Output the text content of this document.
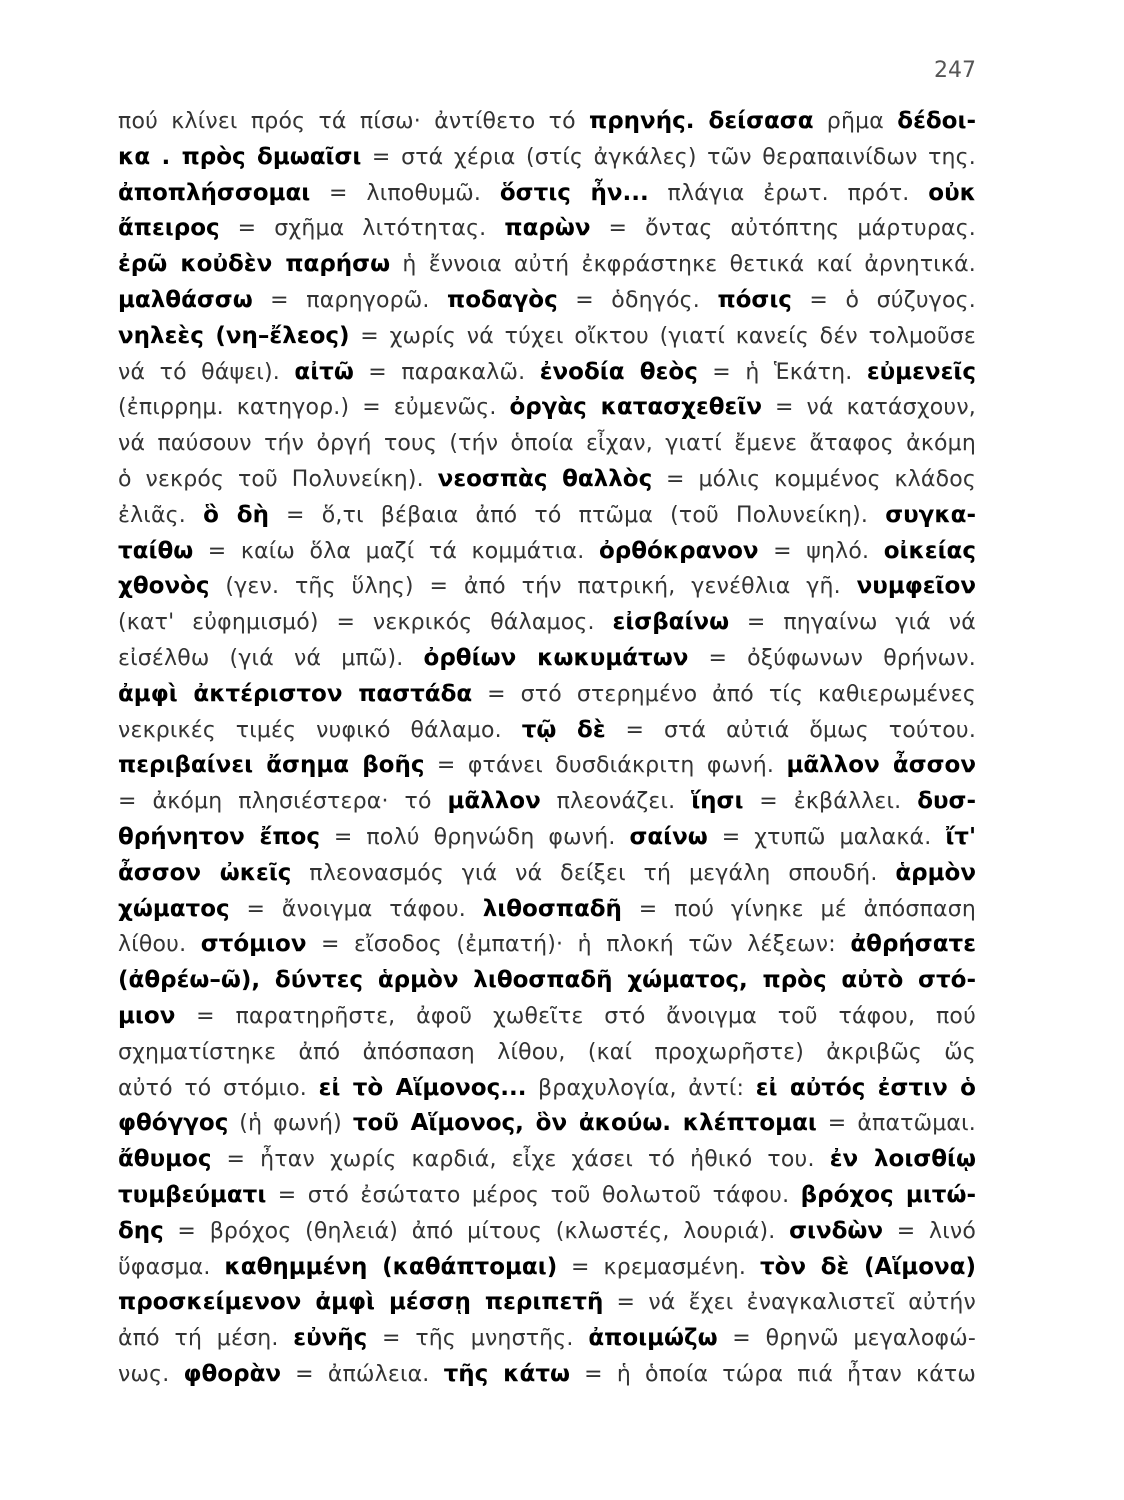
247
πού κλίνει πρός τά πίσω· ἀντίθετο τό πρηνής. δείσασα ρῆμα δέδοι-
κα . πρὸς δμωαῖσι = στά χέρια (στίς ἀγκάλες) τῶν θεραπαινίδων της.
ἀποπλήσσομαι = λιποθυμῶ. ὅστις ἦν... πλάγια ἐρωτ. πρότ. οὐκ
ἄπειρος = σχῆμα λιτότητας. παρὼν = ὄντας αὐτόπτης μάρτυρας.
ἐρῶ κοὐδὲν παρήσω ἡ ἔννοια αὐτή ἐκφράστηκε θετικά καί ἀρνητικά.
μαλθάσσω = παρηγορῶ. ποδαγὸς = ὁδηγός. πόσις = ὁ σύζυγος.
νηλεὲς (νη–ἔλεος) = χωρίς νά τύχει οἴκτου (γιατί κανείς δέν τολμοῦσε
νά τό θάψει). αἰτῶ = παρακαλῶ. ἐνοδία θεὸς = ἡ Ἑκάτη. εὐμενεῖς
(ἐπιρρημ. κατηγορ.) = εὐμενῶς. ὀργὰς κατασχεθεῖν = νά κατάσχουν,
νά παύσουν τήν ὀργή τους (τήν ὁποία εἶχαν, γιατί ἔμενε ἄταφος ἀκόμη
ὁ νεκρός τοῦ Πολυνείκη). νεοσπὰς θαλλὸς = μόλις κομμένος κλάδος
ἐλιᾶς. ὃ δὴ = ὅ,τι βέβαια ἀπό τό πτῶμα (τοῦ Πολυνείκη). συγκα-
ταίθω = καίω ὅλα μαζί τά κομμάτια. ὀρθόκρανον = ψηλό. οἰκείας
χθονὸς (γεν. τῆς ὕλης) = ἀπό τήν πατρική, γενέθλια γῆ. νυμφεῖον
(κατ' εὐφημισμό) = νεκρικός θάλαμος. εἰσβαίνω = πηγαίνω γιά νά
εἰσέλθω (γιά νά μπῶ). ὀρθίων κωκυμάτων = ὀξύφωνων θρήνων.
ἀμφὶ ἀκτέριστον παστάδα = στό στερημένο ἀπό τίς καθιερωμένες
νεκρικές τιμές νυφικό θάλαμο. τῷ δὲ = στά αὐτιά ὅμως τούτου.
περιβαίνει ἄσημα βοῆς = φτάνει δυσδιάκριτη φωνή. μᾶλλον ἆσσον
= ἀκόμη πλησιέστερα· τό μᾶλλον πλεονάζει. ἵησι = ἐκβάλλει. δυσ-
θρήνητον ἔπος = πολύ θρηνώδη φωνή. σαίνω = χτυπῶ μαλακά. ἴτ'
ἆσσον ὠκεῖς πλεονασμός γιά νά δείξει τή μεγάλη σπουδή. ἁρμὸν
χώματος = ἄνοιγμα τάφου. λιθοσπαδῆ = πού γίνηκε μέ ἀπόσπαση
λίθου. στόμιον = εἴσοδος (ἐμπατή)· ἡ πλοκή τῶν λέξεων: ἀθρήσατε
(ἀθρέω–ῶ), δύντες ἁρμὸν λιθοσπαδῆ χώματος, πρὸς αὐτὸ στό-
μιον = παρατηρῆστε, ἀφοῦ χωθεῖτε στό ἄνοιγμα τοῦ τάφου, πού
σχηματίστηκε ἀπό ἀπόσπαση λίθου, (καί προχωρῆστε) ἀκριβῶς ὥς
αὐτό τό στόμιο. εἰ τὸ Αἵμονος... βραχυλογία, ἀντί: εἰ αὐτός ἐστιν ὁ
φθόγγος (ἡ φωνή) τοῦ Αἵμονος, ὃν ἀκούω. κλέπτομαι = ἀπατῶμαι.
ἄθυμος = ἦταν χωρίς καρδιά, εἶχε χάσει τό ἠθικό του. ἐν λοισθίῳ
τυμβεύματι = στό ἐσώτατο μέρος τοῦ θολωτοῦ τάφου. βρόχος μιτώ-
δης = βρόχος (θηλειά) ἀπό μίτους (κλωστές, λουριά). σινδὼν = λινό
ὕφασμα. καθημμένη (καθάπτομαι) = κρεμασμένη. τὸν δὲ (Αἵμονα)
προσκείμενον ἀμφὶ μέσσῃ περιπετῆ = νά ἔχει ἐναγκαλιστεῖ αὐτήν
ἀπό τή μέση. εὐνῆς = τῆς μνηστῆς. ἀποιμώζω = θρηνῶ μεγαλοφώ-
νως. φθορὰν = ἀπώλεια. τῆς κάτω = ἡ ὁποία τώρα πιά ἦταν κάτω
